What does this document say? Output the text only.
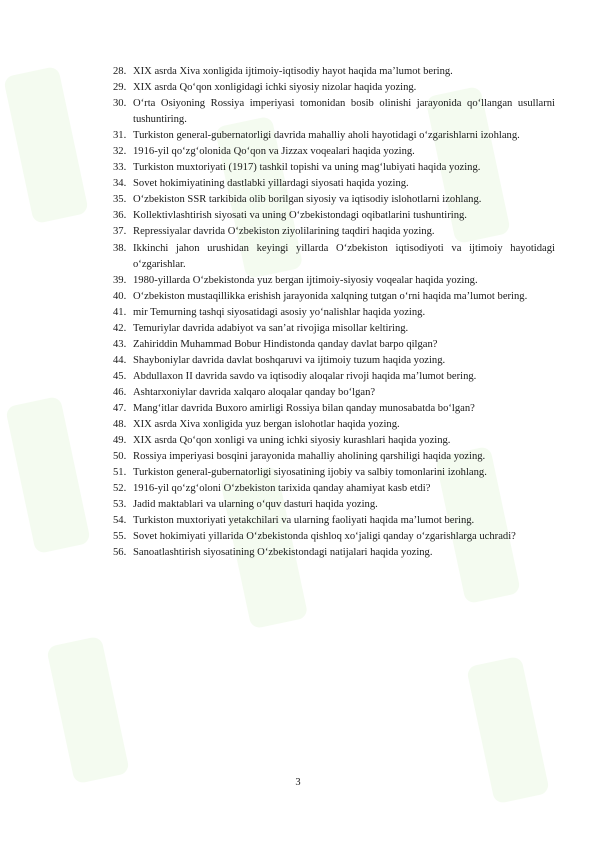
28. XIX asrda Xiva xonligida ijtimoiy-iqtisodiy hayot haqida ma’lumot bering.
29. XIX asrda Qo‘qon xonligidagi ichki siyosiy nizolar haqida yozing.
30. O‘rta Osiyoning Rossiya imperiyasi tomonidan bosib olinishi jarayonida qo‘llangan usullarni tushuntiring.
31. Turkiston general-gubernatorligi davrida mahalliy aholi hayotidagi o‘zgarishlarni izohlang.
32. 1916-yil qo‘zg‘olonida Qo‘qon va Jizzax voqealari haqida yozing.
33. Turkiston muxtoriyati (1917) tashkil topishi va uning mag‘lubiyati haqida yozing.
34. Sovet hokimiyatining dastlabki yillardagi siyosati haqida yozing.
35. O‘zbekiston SSR tarkibida olib borilgan siyosiy va iqtisodiy islohotlarni izohlang.
36. Kollektivlashtirish siyosati va uning O‘zbekistondagi oqibatlarini tushuntiring.
37. Repressiyalar davrida O‘zbekiston ziyolilarining taqdiri haqida yozing.
38. Ikkinchi jahon urushidan keyingi yillarda O‘zbekiston iqtisodiyoti va ijtimoiy hayotidagi o‘zgarishlar.
39. 1980-yillarda O‘zbekistonda yuz bergan ijtimoiy-siyosiy voqealar haqida yozing.
40. O‘zbekiston mustaqillikka erishish jarayonida xalqning tutgan o‘rni haqida ma’lumot bering.
41. mir Temurning tashqi siyosatidagi asosiy yo‘nalishlar haqida yozing.
42. Temuriylar davrida adabiyot va san’at rivojiga misollar keltiring.
43. Zahiriddin Muhammad Bobur Hindistonda qanday davlat barpo qilgan?
44. Shayboniylar davrida davlat boshqaruvi va ijtimoiy tuzum haqida yozing.
45. Abdullaxon II davrida savdo va iqtisodiy aloqalar rivoji haqida ma’lumot bering.
46. Ashtarxoniylar davrida xalqaro aloqalar qanday bo‘lgan?
47. Mang‘itlar davrida Buxoro amirligi Rossiya bilan qanday munosabatda bo‘lgan?
48. XIX asrda Xiva xonligida yuz bergan islohotlar haqida yozing.
49. XIX asrda Qo‘qon xonligi va uning ichki siyosiy kurashlari haqida yozing.
50. Rossiya imperiyasi bosqini jarayonida mahalliy aholining qarshiligi haqida yozing.
51. Turkiston general-gubernatorligi siyosatining ijobiy va salbiy tomonlarini izohlang.
52. 1916-yil qo‘zg‘oloni O‘zbekiston tarixida qanday ahamiyat kasb etdi?
53. Jadid maktablari va ularning o‘quv dasturi haqida yozing.
54. Turkiston muxtoriyati yetakchilari va ularning faoliyati haqida ma’lumot bering.
55. Sovet hokimiyati yillarida O‘zbekistonda qishloq xo‘jaligi qanday o‘zgarishlarga uchradi?
56. Sanoatlashtirish siyosatining O‘zbekistondagi natijalari haqida yozing.
3
